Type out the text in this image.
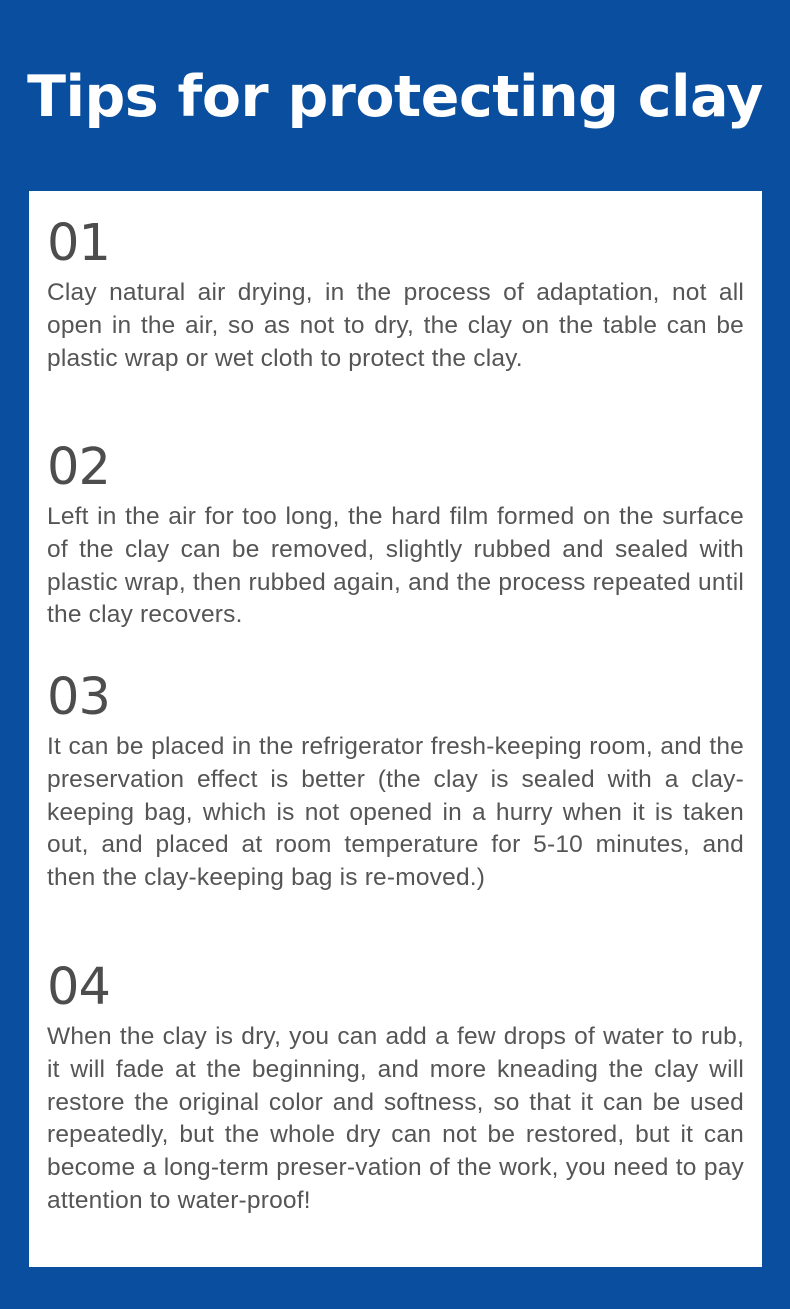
Tips for protecting clay
01
Clay natural air drying, in the process of adaptation, not all open in the air, so as not to dry, the clay on the table can be plastic wrap or wet cloth to protect the clay.
02
Left in the air for too long, the hard film formed on the surface of the clay can be removed, slightly rubbed and sealed with plastic wrap, then rubbed again, and the process repeated until the clay recovers.
03
It can be placed in the refrigerator fresh-keeping room, and the preservation effect is better (the clay is sealed with a clay-keeping bag, which is not opened in a hurry when it is taken out, and placed at room temperature for 5-10 minutes, and then the clay-keeping bag is re-moved.)
04
When the clay is dry, you can add a few drops of water to rub, it will fade at the beginning, and more kneading the clay will restore the original color and softness, so that it can be used repeatedly, but the whole dry can not be restored, but it can become a long-term preser-vation of the work, you need to pay attention to water-proof!
